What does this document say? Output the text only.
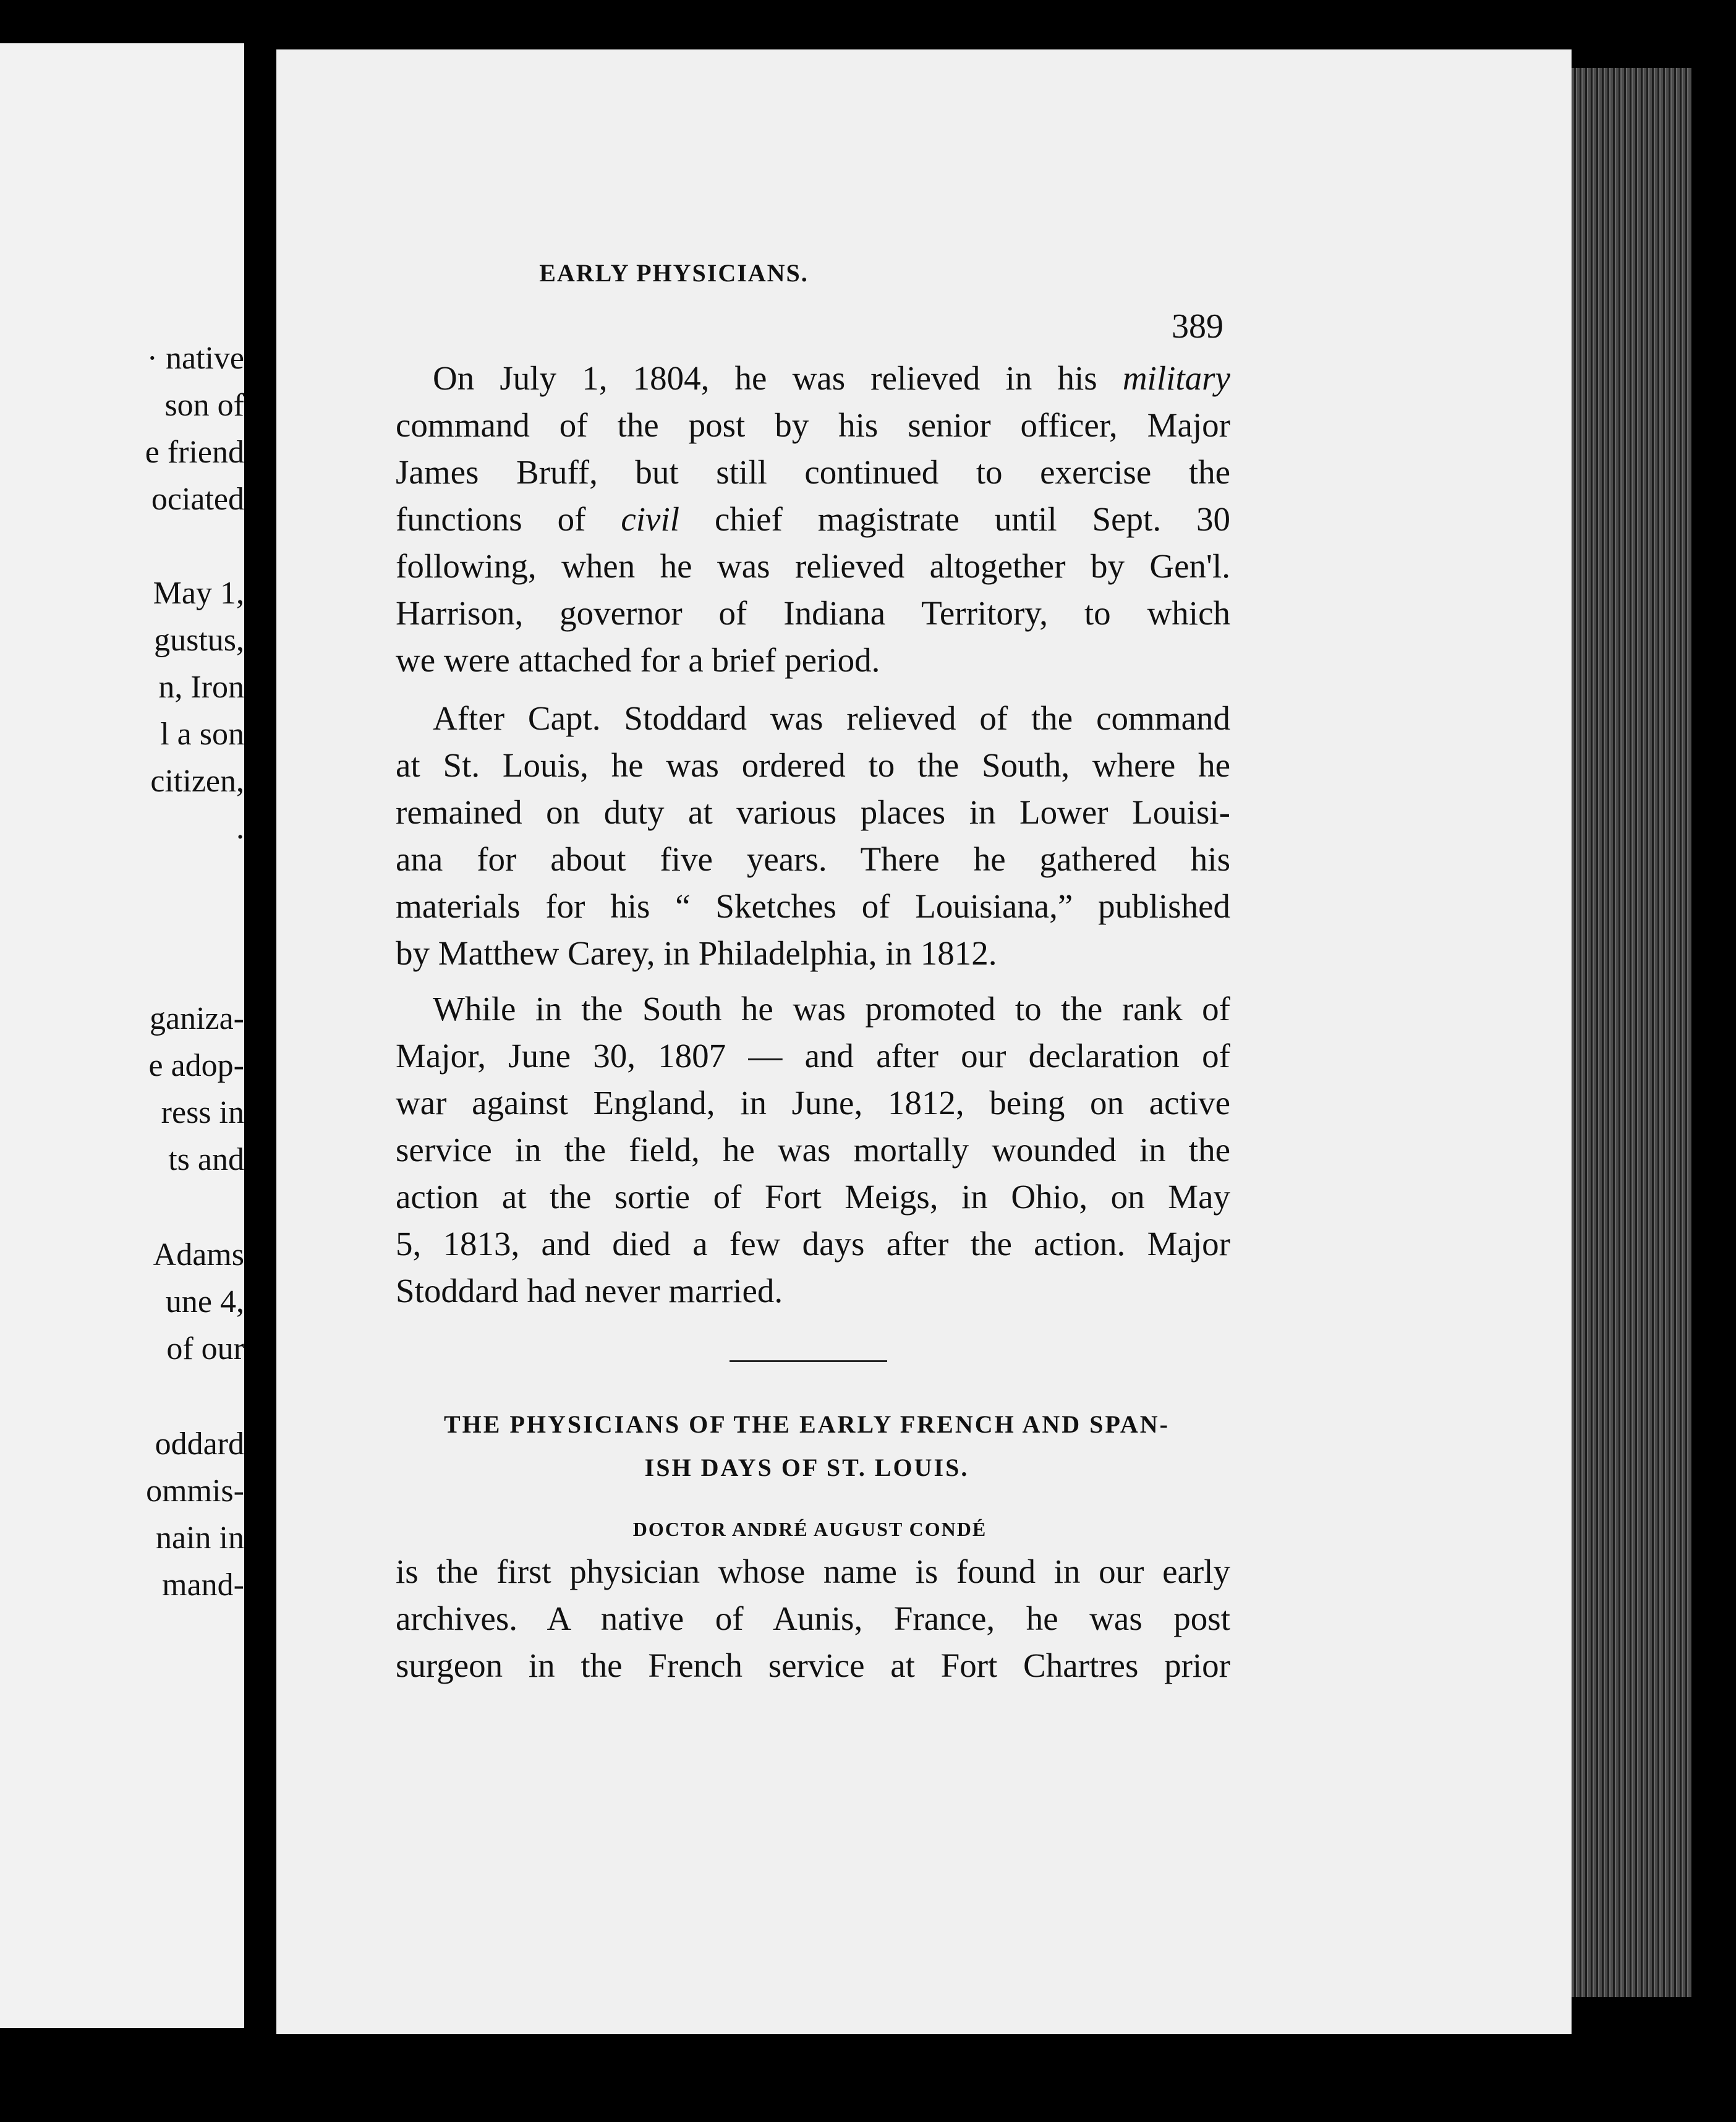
· native
son of
e friend
ociated
May 1,
gustus,
n, Iron
l a son
citizen,
.
ganiza-
e adop-
ress in
ts and
Adams
une 4,
of our
oddard
ommis-
nain in
mand-
EARLY PHYSICIANS.
389
On July 1, 1804, he was relieved in his military
command of the post by his senior officer, Major
James Bruff, but still continued to exercise the
functions of civil chief magistrate until Sept. 30
following, when he was relieved altogether by Gen'l.
Harrison, governor of Indiana Territory, to which
we were attached for a brief period.
After Capt. Stoddard was relieved of the command
at St. Louis, he was ordered to the South, where he
remained on duty at various places in Lower Louisi-
ana for about five years. There he gathered his
materials for his “ Sketches of Louisiana,” published
by Matthew Carey, in Philadelphia, in 1812.
While in the South he was promoted to the rank of
Major, June 30, 1807 — and after our declaration of
war against England, in June, 1812, being on active
service in the field, he was mortally wounded in the
action at the sortie of Fort Meigs, in Ohio, on May
5, 1813, and died a few days after the action. Major
Stoddard had never married.
THE PHYSICIANS OF THE EARLY FRENCH AND SPAN-
ISH DAYS OF ST. LOUIS.
DOCTOR ANDRÉ AUGUST CONDÉ
is the first physician whose name is found in our early
archives. A native of Aunis, France, he was post
surgeon in the French service at Fort Chartres prior
